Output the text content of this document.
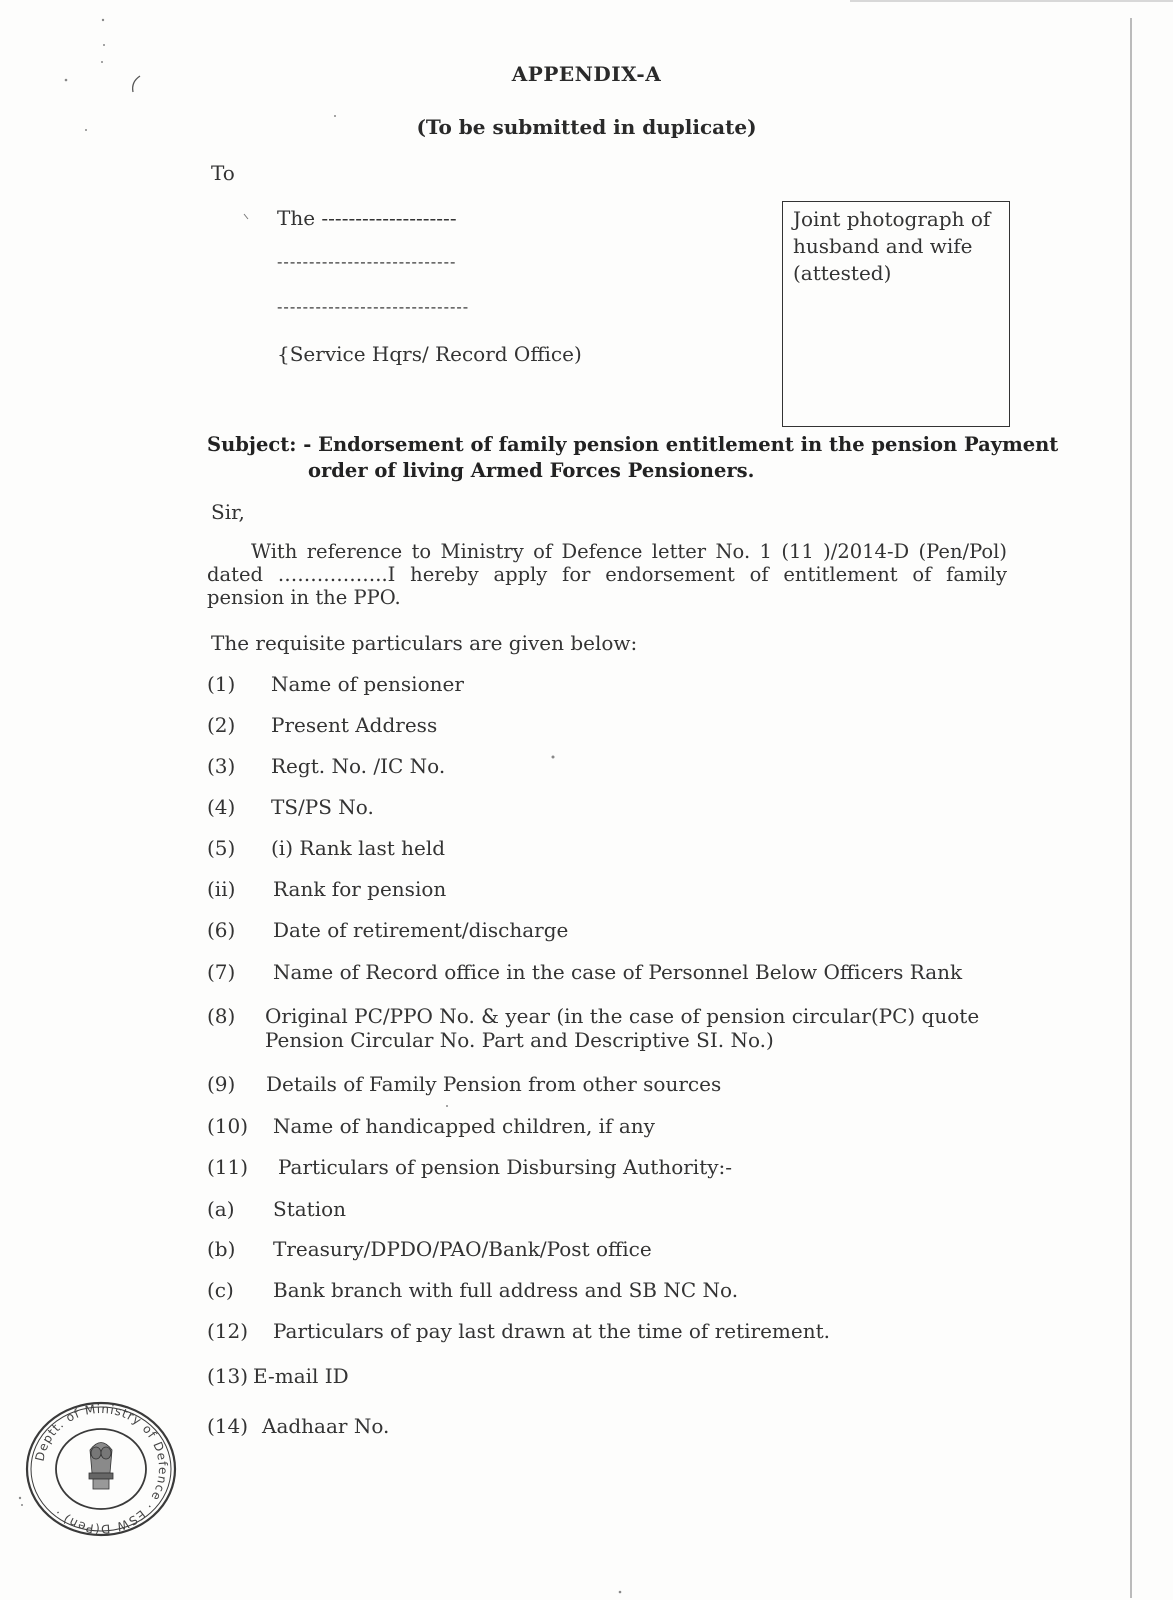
APPENDIX-A
(To be submitted in duplicate)
To
The --------------------
----------------------------
------------------------------
{Service Hqrs/ Record Office)
Joint photograph of husband and wife (attested)
Subject: - Endorsement of family pension entitlement in the pension Payment
order of living Armed Forces Pensioners.
Sir,
With reference to Ministry of Defence letter No. 1 (11 )/2014-D (Pen/Pol) dated ……………..I hereby apply for endorsement of entitlement of family pension in the PPO.
The requisite particulars are given below:
(1) Name of pensioner
(2) Present Address
(3) Regt. No. /IC No.
(4) TS/PS No.
(5) (i) Rank last held
(ii) Rank for pension
(6) Date of retirement/discharge
(7) Name of Record office in the case of Personnel Below Officers Rank
(8) Original PC/PPO No. & year (in the case of pension circular(PC) quote Pension Circular No. Part and Descriptive SI. No.)
(9) Details of Family Pension from other sources
(10) Name of handicapped children, if any
(11) Particulars of pension Disbursing Authority:-
(a) Station
(b) Treasury/DPDO/PAO/Bank/Post office
(c) Bank branch with full address and SB NC No.
(12) Particulars of pay last drawn at the time of retirement.
(13) E-mail ID
(14) Aadhaar No.
Deptt. of Ministry of Defence · ESW D(Pen) ·
